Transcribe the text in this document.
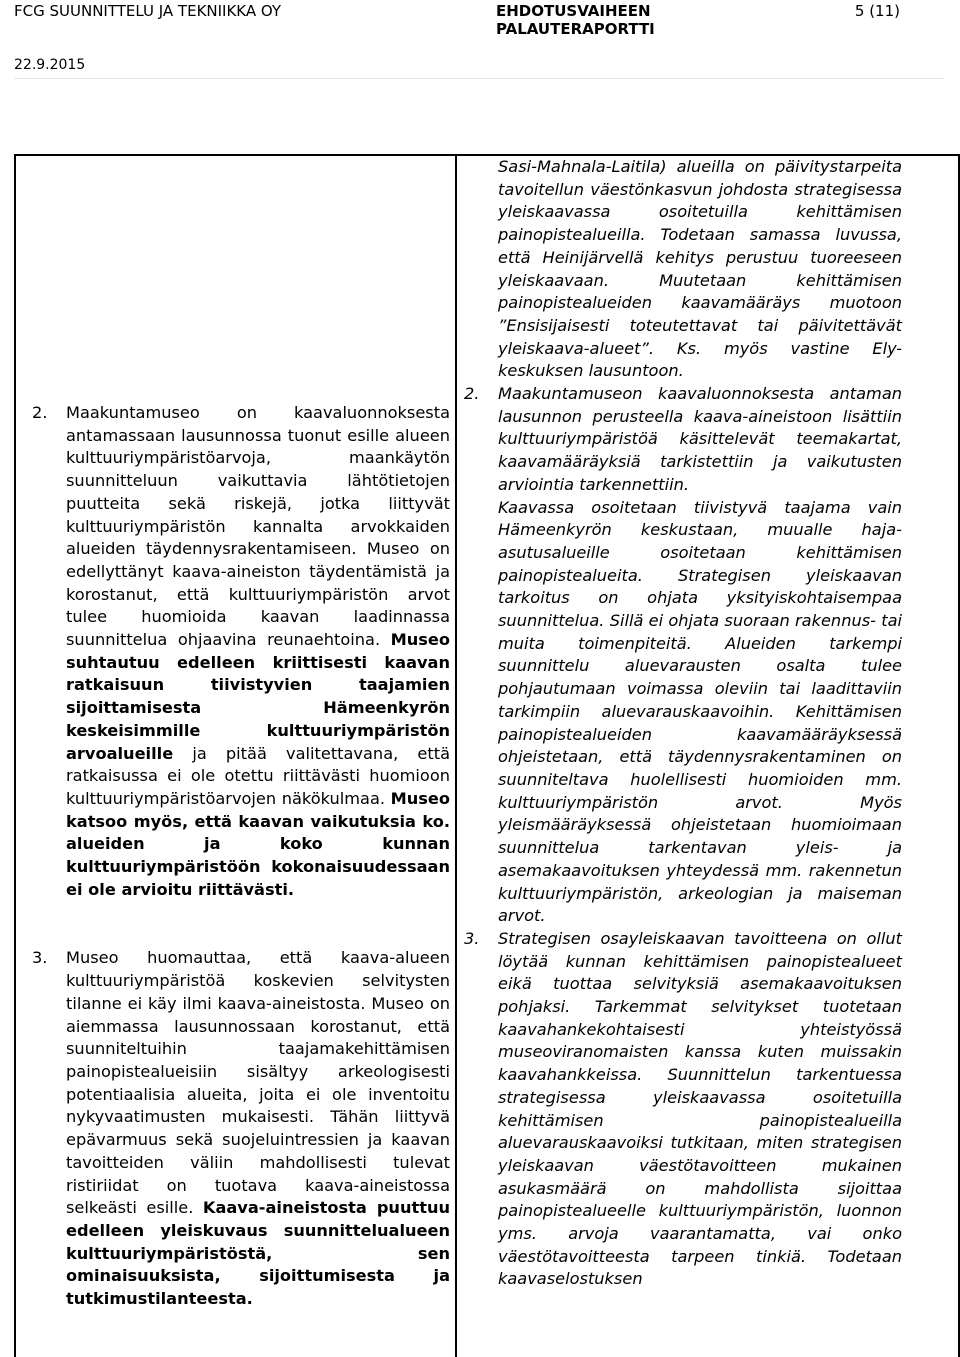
FCG SUUNNITTELU JA TEKNIIKKA OY	EHDOTUSVAIHEEN
PALAUTERAPORTTI
5 (11)
22.9.2015
2. Maakuntamuseo on kaavaluonnoksesta antamassaan lausunnossa tuonut esille alueen kulttuuriympäristöarvoja, maankäytön suunnitteluun vaikuttavia lähtötietojen puutteita sekä riskejä, jotka liittyvät kulttuuriympäristön kannalta arvokkaiden alueiden täydennysrakentamiseen. Museo on edellyttänyt kaava-aineiston täydentämistä ja korostanut, että kulttuuriympäristön arvot tulee huomioida kaavan laadinnassa suunnittelua ohjaavina reunaehtoina. Museo suhtautuu edelleen kriittisesti kaavan ratkaisuun tiivistyvien taajamien sijoittamisesta Hämeenkyrön keskeisimmille kulttuuriympäristön arvoalueille ja pitää valitettavana, että ratkaisussa ei ole otettu riittävästi huomioon kulttuuriympäristöarvojen näkökulmaa. Museo katsoo myös, että kaavan vaikutuksia ko. alueiden ja koko kunnan kulttuuriympäristöön kokonaisuudessaan ei ole arvioitu riittävästi.

3. Museo huomauttaa, että kaava-alueen kulttuuriympäristöä koskevien selvitysten tilanne ei käy ilmi kaava-aineistosta. Museo on aiemmassa lausunnossaan korostanut, että suunniteltuihin taajamakehittämisen painopistealueisiin sisältyy arkeologisesti potentiaalisia alueita, joita ei ole inventoitu nykyvaatimusten mukaisesti. Tähän liittyvä epävarmuus sekä suojeluintressien ja kaavan tavoitteiden väliin mahdollisesti tulevat ristiriidat on tuotava kaava-aineistossa selkeästi esille. Kaava-aineistosta puuttuu edelleen yleiskuvaus suunnittelualueen kulttuuriympäristöstä, sen ominaisuuksista, sijoittumisesta ja tutkimustilanteesta.

Sasi-Mahnala-Laitila) alueilla on päivitystarpeita tavoitellun väestönkasvun johdosta strategisessa yleiskaavassa osoitetuilla kehittämisen painopistealueilla. Todetaan samassa luvussa, että Heinijärvellä kehitys perustuu tuoreeseen yleiskaavaan. Muutetaan kehittämisen painopistealueiden kaavamääräys muotoon ”Ensisijaisesti toteutettavat tai päivitettävät yleiskaava-alueet”. Ks. myös vastine Ely-keskuksen lausuntoon.

2. Maakuntamuseon kaavaluonnoksesta antaman lausunnon perusteella kaava-aineistoon lisättiin kulttuuriympäristöä käsittelevät teemakartat, kaavamääräyksiä tarkistettiin ja vaikutusten arviointia tarkennettiin.

Kaavassa osoitetaan tiivistyvä taajama vain Hämeenkyrön keskustaan, muualle haja-asutusalueille osoitetaan kehittämisen painopistealueita. Strategisen yleiskaavan tarkoitus on ohjata yksityiskohtaisempaa suunnittelua. Sillä ei ohjata suoraan rakennus- tai muita toimenpiteitä. Alueiden tarkempi suunnittelu aluevarausten osalta tulee pohjautumaan voimassa oleviin tai laadittaviin tarkimpiin aluevarauskaavoihin. Kehittämisen painopistealueiden kaavamääräyksessä ohjeistetaan, että täydennysrakentaminen on suunniteltava huolellisesti huomioiden mm. kulttuuriympäristön arvot. Myös yleismääräyksessä ohjeistetaan huomioimaan suunnittelua tarkentavan yleis- ja asemakaavoituksen yhteydessä mm. rakennetun kulttuuriympäristön, arkeologian ja maiseman arvot.

3. Strategisen osayleiskaavan tavoitteena on ollut löytää kunnan kehittämisen painopistealueet eikä tuottaa selvityksiä asemakaavoituksen pohjaksi. Tarkemmat selvitykset tuotetaan kaavahankekohtaisesti yhteistyössä museoviranomaisten kanssa kuten muissakin kaavahankkeissa. Suunnittelun tarkentuessa strategisessa yleiskaavassa osoitetuilla kehittämisen painopistealueilla aluevarauskaavoiksi tutkitaan, miten strategisen yleiskaavan väestötavoitteen mukainen asukasmäärä on mahdollista sijoittaa painopistealueelle kulttuuriympäristön, luonnon yms. arvoja vaarantamatta, vai onko väestötavoitteesta tarpeen tinkiä. Todetaan kaavaselostuksen
